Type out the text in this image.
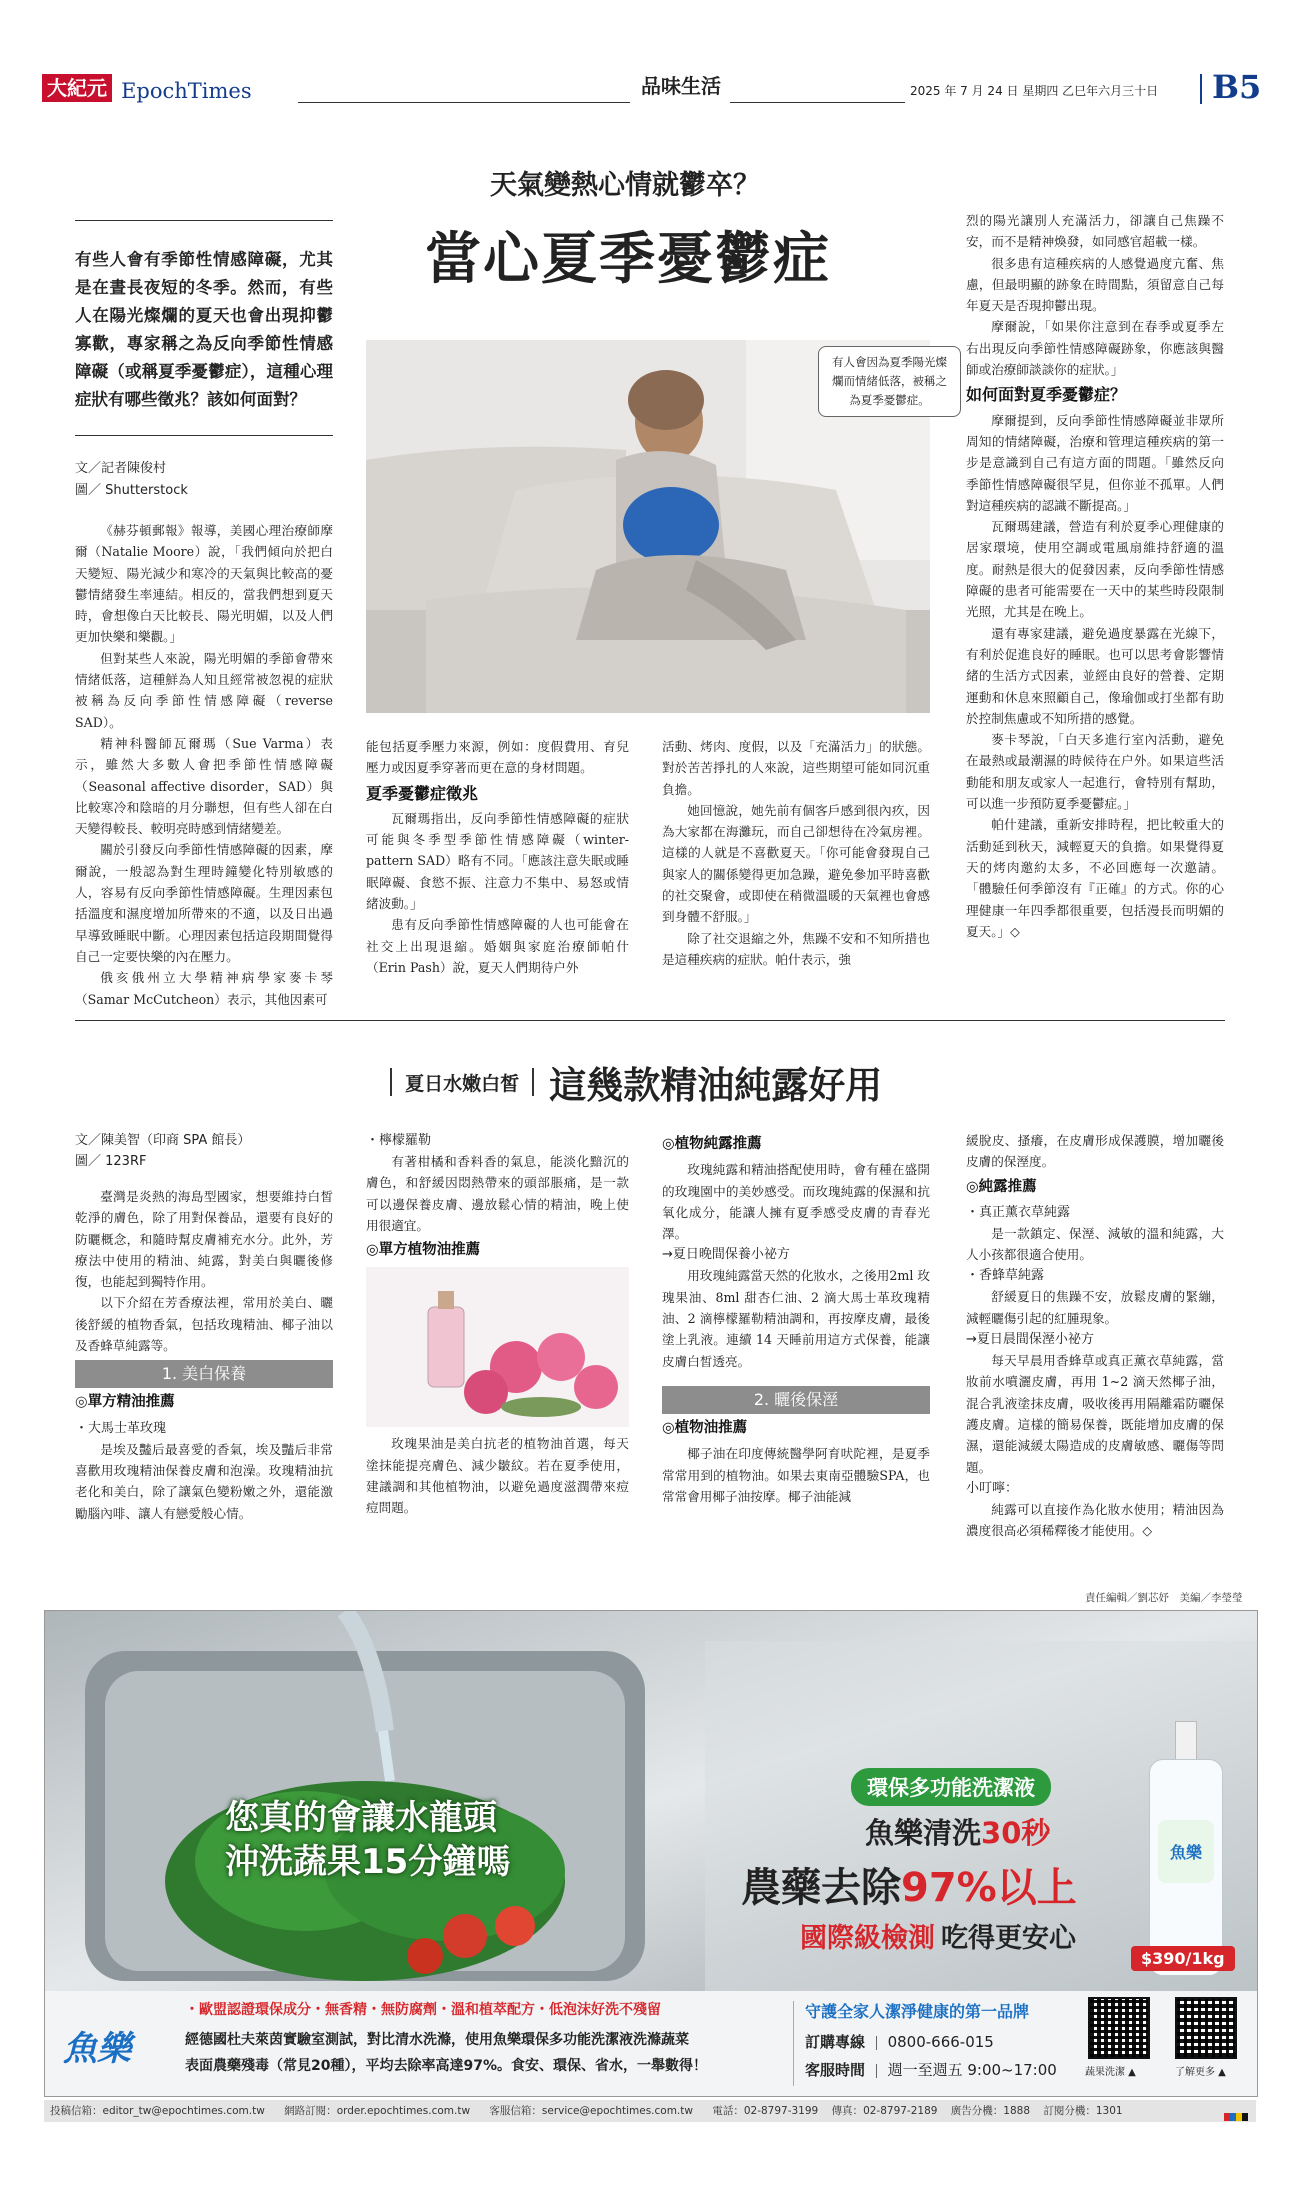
大紀元 EpochTimes	品味生活	2025 年 7 月 24 日 星期四 乙巳年六月三十日 B5
天氣變熱心情就鬱卒？
當心夏季憂鬱症
有些人會有季節性情感障礙，尤其是在晝長夜短的冬季。然而，有些人在陽光燦爛的夏天也會出現抑鬱寡歡，專家稱之為反向季節性情感障礙（或稱夏季憂鬱症），這種心理症狀有哪些徵兆？該如何面對？
文／記者陳俊村
圖／ Shutterstock
有人會因為夏季陽光燦爛而情緒低落，被稱之為夏季憂鬱症。

《赫芬頓郵報》報導，美國心理治療師摩爾（Natalie Moore）說，「我們傾向於把白天變短、陽光減少和寒冷的天氣與比較高的憂鬱情緒發生率連結。相反的，當我們想到夏天時，會想像白天比較長、陽光明媚，以及人們更加快樂和樂觀。」

但對某些人來說，陽光明媚的季節會帶來情緒低落，這種鮮為人知且經常被忽視的症狀被稱為反向季節性情感障礙（reverse SAD）。

精神科醫師瓦爾瑪（Sue Varma）表示，雖然大多數人會把季節性情感障礙（Seasonal affective disorder，SAD）與比較寒冷和陰暗的月分聯想，但有些人卻在白天變得較長、較明亮時感到情緒變差。

關於引發反向季節性情感障礙的因素，摩爾說，一般認為對生理時鐘變化特別敏感的人，容易有反向季節性情感障礙。生理因素包括溫度和濕度增加所帶來的不適，以及日出過早導致睡眠中斷。心理因素包括這段期間覺得自己一定要快樂的內在壓力。

俄亥俄州立大學精神病學家麥卡琴（Samar McCutcheon）表示，其他因素可

能包括夏季壓力來源，例如：度假費用、育兒壓力或因夏季穿著而更在意的身材問題。

夏季憂鬱症徵兆

瓦爾瑪指出，反向季節性情感障礙的症狀可能與冬季型季節性情感障礙（winter-pattern SAD）略有不同。「應該注意失眠或睡眠障礙、食慾不振、注意力不集中、易怒或情緒波動。」

患有反向季節性情感障礙的人也可能會在社交上出現退縮。婚姻與家庭治療師帕什（Erin Pash）說，夏天人們期待户外

活動、烤肉、度假，以及「充滿活力」的狀態。對於苦苦掙扎的人來說，這些期望可能如同沉重負擔。

她回憶說，她先前有個客戶感到很內疚，因為大家都在海灘玩，而自己卻想待在冷氣房裡。這樣的人就是不喜歡夏天。「你可能會發現自己與家人的關係變得更加急躁，避免參加平時喜歡的社交聚會，或即使在稍微溫暖的天氣裡也會感到身體不舒服。」

除了社交退縮之外，焦躁不安和不知所措也是這種疾病的症狀。帕什表示，強

烈的陽光讓別人充滿活力，卻讓自己焦躁不安，而不是精神煥發，如同感官超載一樣。

很多患有這種疾病的人感覺過度亢奮、焦慮，但最明顯的跡象在時間點，須留意自己每年夏天是否現抑鬱出現。

摩爾說，「如果你注意到在春季或夏季左右出現反向季節性情感障礙跡象，你應該與醫師或治療師談談你的症狀。」

如何面對夏季憂鬱症？

摩爾提到，反向季節性情感障礙並非眾所周知的情緒障礙，治療和管理這種疾病的第一步是意識到自己有這方面的問題。「雖然反向季節性情感障礙很罕見，但你並不孤單。人們對這種疾病的認識不斷提高。」

瓦爾瑪建議，營造有利於夏季心理健康的居家環境，使用空調或電風扇維持舒適的溫度。耐熱是很大的促發因素，反向季節性情感障礙的患者可能需要在一天中的某些時段限制光照，尤其是在晚上。

還有專家建議，避免過度暴露在光線下，有利於促進良好的睡眠。也可以思考會影響情緒的生活方式因素，並經由良好的營養、定期運動和休息來照顧自己，像瑜伽或打坐都有助於控制焦慮或不知所措的感覺。

麥卡琴說，「白天多進行室內活動，避免在最熱或最潮濕的時候待在户外。如果這些活動能和朋友或家人一起進行，會特別有幫助，可以進一步預防夏季憂鬱症。」

帕什建議，重新安排時程，把比較重大的活動延到秋天，減輕夏天的負擔。如果覺得夏天的烤肉邀約太多，不必回應每一次邀請。「體驗任何季節沒有『正確』的方式。你的心理健康一年四季都很重要，包括漫長而明媚的夏天。」◇

夏日水嫩白皙 這幾款精油純露好用
文／陳美智（印商 SPA 館長）
圖／ 123RF

臺灣是炎熱的海島型國家，想要維持白皙乾淨的膚色，除了用對保養品，還要有良好的防曬概念，和隨時幫皮膚補充水分。此外，芳療法中使用的精油、純露，對美白與曬後修復，也能起到獨特作用。

以下介紹在芳香療法裡，常用於美白、曬後舒緩的植物香氣，包括玫瑰精油、椰子油以及香蜂草純露等。

1. 美白保養
◎單方精油推薦
・大馬士革玫瑰

是埃及豔后最喜愛的香氣，埃及豔后非常喜歡用玫瑰精油保養皮膚和泡澡。玫瑰精油抗老化和美白，除了讓氣色變粉嫩之外，還能激勵腦內啡、讓人有戀愛般心情。

・檸檬羅勒

有著柑橘和香料香的氣息，能淡化黯沉的膚色，和舒緩因悶熱帶來的頭部脹痛，是一款可以邊保養皮膚、邊放鬆心情的精油，晚上使用很適宜。

◎單方植物油推薦

玫瑰果油是美白抗老的植物油首選，每天塗抹能提亮膚色、減少皺紋。若在夏季使用，建議調和其他植物油，以避免過度滋潤帶來痘痘問題。

◎植物純露推薦

玫瑰純露和精油搭配使用時，會有種在盛開的玫瑰園中的美妙感受。而玫瑰純露的保濕和抗氧化成分，能讓人擁有夏季感受皮膚的青春光澤。

→夏日晚間保養小祕方

用玫瑰純露當天然的化妝水，之後用2ml 玫瑰果油、8ml 甜杏仁油、2 滴大馬士革玫瑰精油、2 滴檸檬羅勒精油調和，再按摩皮膚，最後塗上乳液。連續 14 天睡前用這方式保養，能讓皮膚白皙透亮。

2. 曬後保溼
◎植物油推薦

椰子油在印度傳統醫學阿育吠陀裡，是夏季常常用到的植物油。如果去東南亞體驗SPA，也常常會用椰子油按摩。椰子油能減

緩脫皮、搔癢，在皮膚形成保護膜，增加曬後皮膚的保溼度。

◎純露推薦
・真正薰衣草純露

是一款鎮定、保溼、減敏的溫和純露，大人小孩都很適合使用。

・香蜂草純露

舒緩夏日的焦躁不安，放鬆皮膚的緊繃，減輕曬傷引起的紅腫現象。

→夏日晨間保溼小祕方

每天早晨用香蜂草或真正薰衣草純露，當妝前水噴灑皮膚，再用 1~2 滴天然椰子油，混合乳液塗抹皮膚，吸收後再用隔離霜防曬保護皮膚。這樣的簡易保養，既能增加皮膚的保濕，還能減緩太陽造成的皮膚敏感、曬傷等問題。

小叮嚀：

純露可以直接作為化妝水使用；精油因為濃度很高必須稀釋後才能使用。◇

責任編輯／劉芯妤　美編／李瑩瑩
您真的會讓水龍頭
沖洗蔬果15分鐘嗎
環保多功能洗潔液
魚樂清洗30秒
農藥去除97%以上
國際級檢測 吃得更安心
魚樂
$390/1kg
魚樂
・歐盟認證環保成分・無香精・無防腐劑・溫和植萃配方・低泡沫好洗不殘留
經德國杜夫萊茵實驗室測試，對比清水洗滌，使用魚樂環保多功能洗潔液洗滌蔬菜
表面農藥殘毒（常見20種），平均去除率高達97%。食安、環保、省水，一舉數得！
守護全家人潔淨健康的第一品牌
訂購專線 0800-666-015
客服時間 週一至週五 9:00~17:00	蔬果洗潔 ▲	了解更多 ▲
投稿信箱：editor_tw@epochtimes.com.tw 網路訂閱：order.epochtimes.com.tw 客服信箱：service@epochtimes.com.tw 電話：02-8797-3199 傳真：02-8797-2189 廣告分機：1888 訂閱分機：1301
